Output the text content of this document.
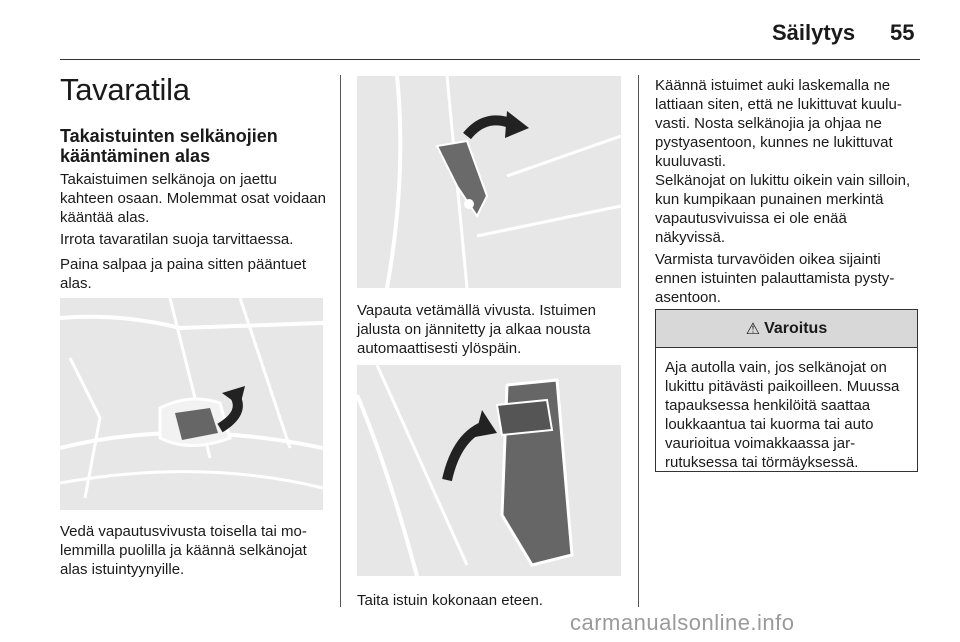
Säilytys 55
Tavaratila
Takaistuinten selkänojien kääntäminen alas

Takaistuimen selkänoja on jaettu kahteen osaan. Molemmat osat voidaan kääntää alas.

Irrota tavaratilan suoja tarvittaessa.

Paina salpaa ja paina sitten pääntuet alas.

Vedä vapautusvivusta toisella tai molemmilla puolilla ja käännä selkänojat alas istuintyynyille.

Vapauta vetämällä vivusta. Istuimen jalusta on jännitetty ja alkaa nousta automaattisesti ylöspäin.

Taita istuin kokonaan eteen.

Käännä istuimet auki laskemalla ne lattiaan siten, että ne lukittuvat kuuluvasti. Nosta selkänojia ja ohjaa ne pystyasentoon, kunnes ne lukittuvat kuuluvasti.

Selkänojat on lukittu oikein vain silloin, kun kumpikaan punainen merkintä vapautusvivuissa ei ole enää näkyvissä.

Varmista turvavöiden oikea sijainti ennen istuinten palauttamista pystyasentoon.

⚠ Varoitus
Aja autolla vain, jos selkänojat on lukittu pitävästi paikoilleen. Muussa tapauksessa henkilöitä saattaa loukkaantua tai kuorma tai auto vaurioitua voimakkaassa jarrutuksessa tai törmäyksessä.
carmanualsonline.info
